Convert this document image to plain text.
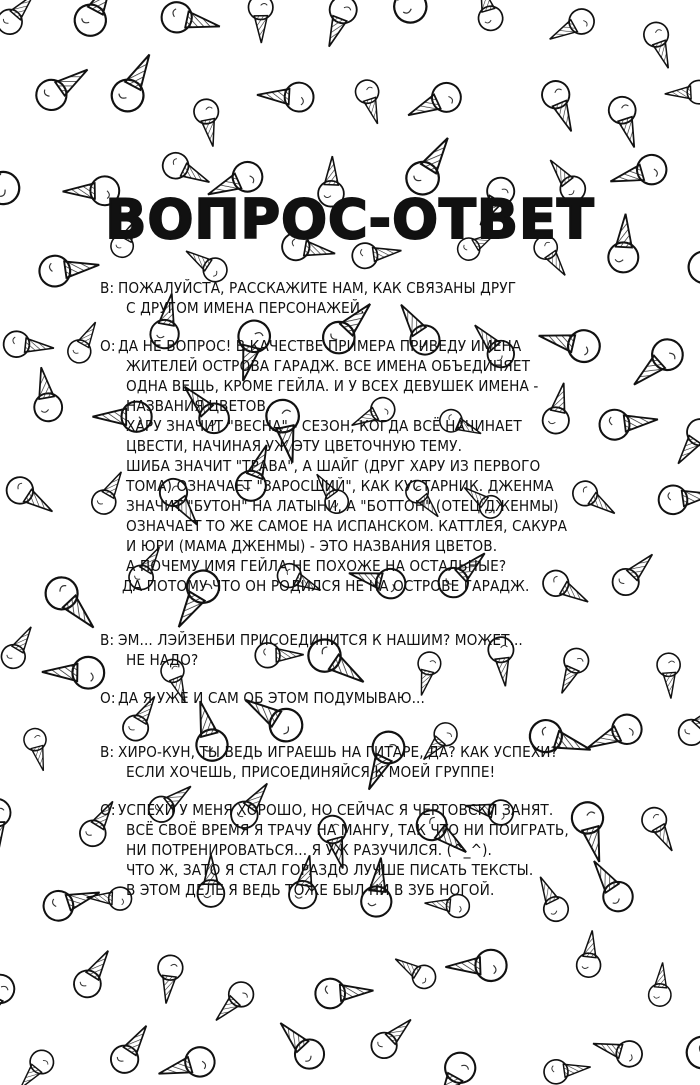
ВОПРОС-ОТВЕТ
В: ПОЖАЛУЙСТА, РАССКАЖИТЕ НАМ, КАК СВЯЗАНЫ ДРУГ
С ДРУГОМ ИМЕНА ПЕРСОНАЖЕЙ.
О: ДА НЕ ВОПРОС! В КАЧЕСТВЕ ПРИМЕРА ПРИВЕДУ ИМЕНА
ЖИТЕЛЕЙ ОСТРОВА ГАРАДЖ. ВСЕ ИМЕНА ОБЪЕДИНЯЕТ
ОДНА ВЕЩЬ, КРОМЕ ГЕЙЛА. И У ВСЕХ ДЕВУШЕК ИМЕНА -
НАЗВАНИЯ ЦВЕТОВ.
ХАРУ ЗНАЧИТ "ВЕСНА" - СЕЗОН, КОГДА ВСЁ НАЧИНАЕТ
ЦВЕСТИ, НАЧИНАЯ УЖ ЭТУ ЦВЕТОЧНУЮ ТЕМУ.
ШИБА ЗНАЧИТ "ТРАВА", А ШАЙГ (ДРУГ ХАРУ ИЗ ПЕРВОГО
ТОМА) ОЗНАЧАЕТ "ЗАРОСШИЙ", КАК КУСТАРНИК. ДЖЕНМА
ЗНАЧИТ "БУТОН" НА ЛАТЫНИ, А "БОТТОН" (ОТЕЦ ДЖЕНМЫ)
ОЗНАЧАЕТ ТО ЖЕ САМОЕ НА ИСПАНСКОМ. КАТТЛЕЯ, САКУРА
И ЮРИ (МАМА ДЖЕНМЫ) - ЭТО НАЗВАНИЯ ЦВЕТОВ.
А ПОЧЕМУ ИМЯ ГЕЙЛА НЕ ПОХОЖЕ НА ОСТАЛЬНЫЕ?
ДА ПОТОМУ ЧТО ОН РОДИЛСЯ НЕ НА ОСТРОВЕ ГАРАДЖ.
В: ЭМ... ЛЭЙЗЕНБИ ПРИСОЕДИНИТСЯ К НАШИМ? МОЖЕТ...
НЕ НАДО?
О: ДА Я УЖЕ И САМ ОБ ЭТОМ ПОДУМЫВАЮ...
В: ХИРО-КУН, ТЫ ВЕДЬ ИГРАЕШЬ НА ГИТАРЕ, ДА? КАК УСПЕХИ?
ЕСЛИ ХОЧЕШЬ, ПРИСОЕДИНЯЙСЯ К МОЕЙ ГРУППЕ!
О: УСПЕХИ У МЕНЯ ХОРОШО, НО СЕЙЧАС Я ЧЕРТОВСКИ ЗАНЯТ.
ВСЁ СВОЁ ВРЕМЯ Я ТРАЧУ НА МАНГУ, ТАК ЧТО НИ ПОИГРАТЬ,
НИ ПОТРЕНИРОВАТЬСЯ... Я УЖ РАЗУЧИЛСЯ. (^_^).
ЧТО Ж, ЗАТО Я СТАЛ ГОРАЗДО ЛУЧШЕ ПИСАТЬ ТЕКСТЫ.
В ЭТОМ ДЕЛЕ Я ВЕДЬ ТОЖЕ БЫЛ НИ В ЗУБ НОГОЙ.
